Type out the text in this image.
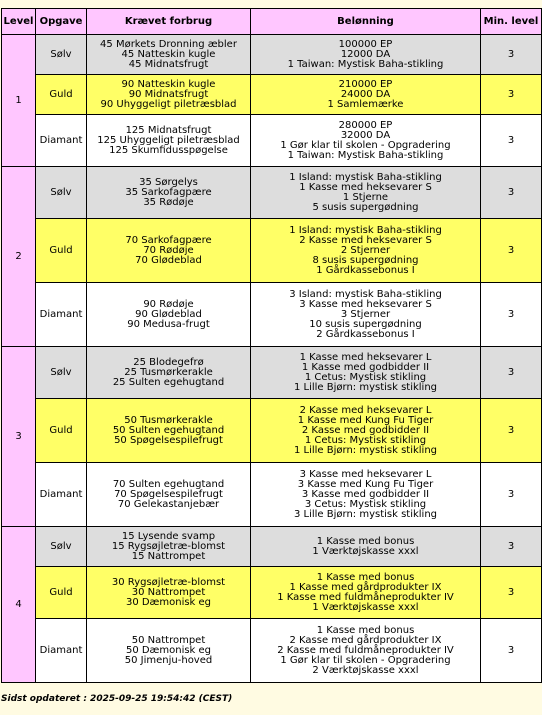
Level	Opgave	Krævet forbrug	Belønning	Min. level
1	Sølv	45 Mørkets Dronning æbler
45 Natteskin kugle
45 Midnatsfrugt	100000 EP
12000 DA
1 Taiwan: Mystisk Baha-stikling	3
	Guld	90 Natteskin kugle
90 Midnatsfrugt
90 Uhyggeligt piletræsblad	210000 EP
24000 DA
1 Samlemærke	3
	Diamant	125 Midnatsfrugt
125 Uhyggeligt piletræsblad
125 Skumfidusspøgelse	280000 EP
32000 DA
1 Gør klar til skolen - Opgradering
1 Taiwan: Mystisk Baha-stikling	3
2	Sølv	35 Sørgelys
35 Sarkofagpære
35 Rødøje	1 Island: mystisk Baha-stikling
1 Kasse med heksevarer S
1 Stjerne
5 susis supergødning	3
	Guld	70 Sarkofagpære
70 Rødøje
70 Glødeblad	1 Island: mystisk Baha-stikling
2 Kasse med heksevarer S
2 Stjerner
8 susis supergødning
1 Gårdkassebonus I	3
	Diamant	90 Rødøje
90 Glødeblad
90 Medusa-frugt	3 Island: mystisk Baha-stikling
3 Kasse med heksevarer S
3 Stjerner
10 susis supergødning
2 Gårdkassebonus I	3
3	Sølv	25 Blodegefrø
25 Tusmørkerakle
25 Sulten egehugtand	1 Kasse med heksevarer L
1 Kasse med godbidder II
1 Cetus: Mystisk stikling
1 Lille Bjørn: mystisk stikling	3
	Guld	50 Tusmørkerakle
50 Sulten egehugtand
50 Spøgelsespilefrugt	2 Kasse med heksevarer L
1 Kasse med Kung Fu Tiger
2 Kasse med godbidder II
1 Cetus: Mystisk stikling
1 Lille Bjørn: mystisk stikling	3
	Diamant	70 Sulten egehugtand
70 Spøgelsespilefrugt
70 Gelekastanjebær	3 Kasse med heksevarer L
3 Kasse med Kung Fu Tiger
3 Kasse med godbidder II
3 Cetus: Mystisk stikling
3 Lille Bjørn: mystisk stikling	3
4	Sølv	15 Lysende svamp
15 Rygsøjletræ-blomst
15 Nattrompet	1 Kasse med bonus
1 Værktøjskasse xxxl	3
	Guld	30 Rygsøjletræ-blomst
30 Nattrompet
30 Dæmonisk eg	1 Kasse med bonus
1 Kasse med gårdprodukter IX
1 Kasse med fuldmåneprodukter IV
1 Værktøjskasse xxxl	3
	Diamant	50 Nattrompet
50 Dæmonisk eg
50 Jimenju-hoved	1 Kasse med bonus
2 Kasse med gårdprodukter IX
2 Kasse med fuldmåneprodukter IV
1 Gør klar til skolen - Opgradering
2 Værktøjskasse xxxl	3
Sidst opdateret : 2025-09-25 19:54:42 (CEST)
